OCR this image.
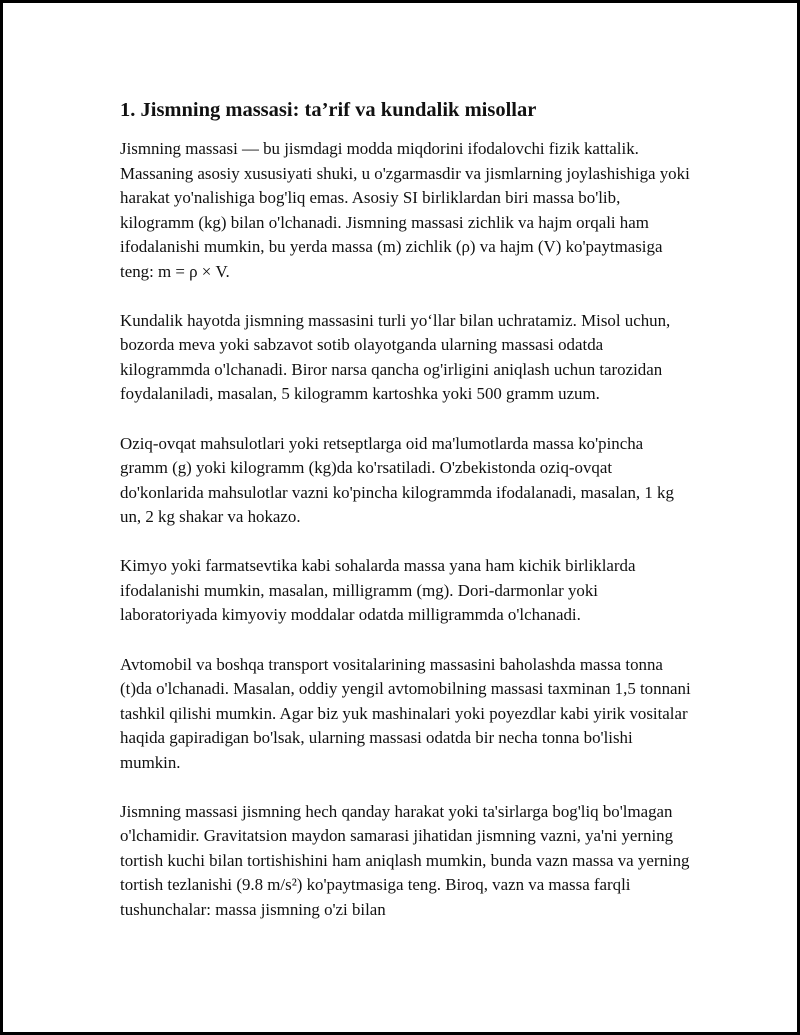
1. Jismning massasi: ta’rif va kundalik misollar

Jismning massasi — bu jismdagi modda miqdorini ifodalovchi fizik kattalik. Massaning asosiy xususiyati shuki, u o'zgarmasdir va jismlarning joylashishiga yoki harakat yo'nalishiga bog'liq emas. Asosiy SI birliklardan biri massa bo'lib, kilogramm (kg) bilan o'lchanadi. Jismning massasi zichlik va hajm orqali ham ifodalanishi mumkin, bu yerda massa (m) zichlik (ρ) va hajm (V) ko'paytmasiga teng: m = ρ × V.

Kundalik hayotda jismning massasini turli yo‘llar bilan uchratamiz. Misol uchun, bozorda meva yoki sabzavot sotib olayotganda ularning massasi odatda kilogrammda o'lchanadi. Biror narsa qancha og'irligini aniqlash uchun tarozidan foydalaniladi, masalan, 5 kilogramm kartoshka yoki 500 gramm uzum.

Oziq-ovqat mahsulotlari yoki retseptlarga oid ma'lumotlarda massa ko'pincha gramm (g) yoki kilogramm (kg)da ko'rsatiladi. O'zbekistonda oziq-ovqat do'konlarida mahsulotlar vazni ko'pincha kilogrammda ifodalanadi, masalan, 1 kg un, 2 kg shakar va hokazo.

Kimyo yoki farmatsevtika kabi sohalarda massa yana ham kichik birliklarda ifodalanishi mumkin, masalan, milligramm (mg). Dori-darmonlar yoki laboratoriyada kimyoviy moddalar odatda milligrammda o'lchanadi.

Avtomobil va boshqa transport vositalarining massasini baholashda massa tonna (t)da o'lchanadi. Masalan, oddiy yengil avtomobilning massasi taxminan 1,5 tonnani tashkil qilishi mumkin. Agar biz yuk mashinalari yoki poyezdlar kabi yirik vositalar haqida gapiradigan bo'lsak, ularning massasi odatda bir necha tonna bo'lishi mumkin.

Jismning massasi jismning hech qanday harakat yoki ta'sirlarga bog'liq bo'lmagan o'lchamidir. Gravitatsion maydon samarasi jihatidan jismning vazni, ya'ni yerning tortish kuchi bilan tortishishini ham aniqlash mumkin, bunda vazn massa va yerning tortish tezlanishi (9.8 m/s²) ko'paytmasiga teng. Biroq, vazn va massa farqli tushunchalar: massa jismning o'zi bilan
